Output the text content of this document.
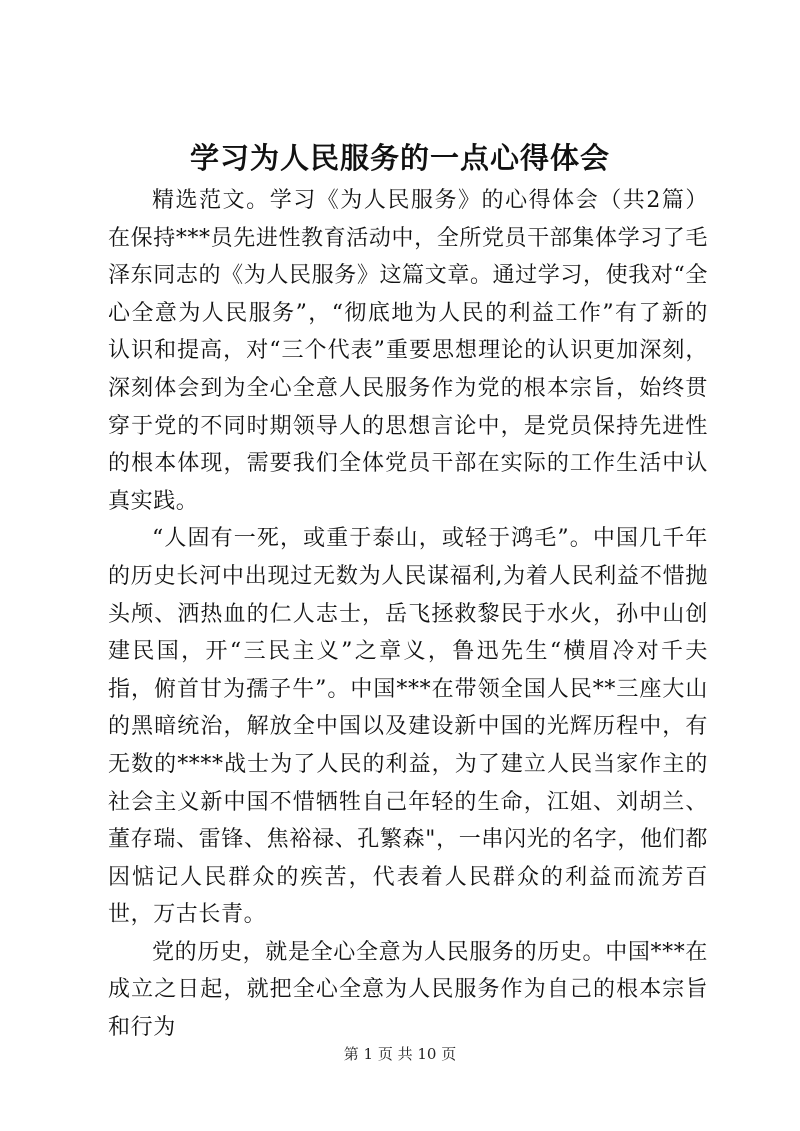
学习为人民服务的一点心得体会

精选范文。学习《为人民服务》的心得体会（共2篇）在保持***员先进性教育活动中，全所党员干部集体学习了毛泽东同志的《为人民服务》这篇文章。通过学习，使我对“全心全意为人民服务”，“彻底地为人民的利益工作”有了新的认识和提高，对“三个代表”重要思想理论的认识更加深刻，深刻体会到为全心全意人民服务作为党的根本宗旨，始终贯穿于党的不同时期领导人的思想言论中，是党员保持先进性的根本体现，需要我们全体党员干部在实际的工作生活中认真实践。

“人固有一死，或重于泰山，或轻于鸿毛”。中国几千年的历史长河中出现过无数为人民谋福利,为着人民利益不惜抛头颅、洒热血的仁人志士，岳飞拯救黎民于水火，孙中山创建民国，开“三民主义”之章义，鲁迅先生“横眉冷对千夫指，俯首甘为孺子牛”。中国***在带领全国人民**三座大山的黑暗统治，解放全中国以及建设新中国的光辉历程中，有无数的****战士为了人民的利益，为了建立人民当家作主的社会主义新中国不惜牺牲自己年轻的生命，江姐、刘胡兰、董存瑞、雷锋、焦裕禄、孔繁森"，一串闪光的名字，他们都因惦记人民群众的疾苦，代表着人民群众的利益而流芳百世，万古长青。

党的历史，就是全心全意为人民服务的历史。中国***在成立之日起，就把全心全意为人民服务作为自己的根本宗旨和行为

第 1 页 共 10 页
